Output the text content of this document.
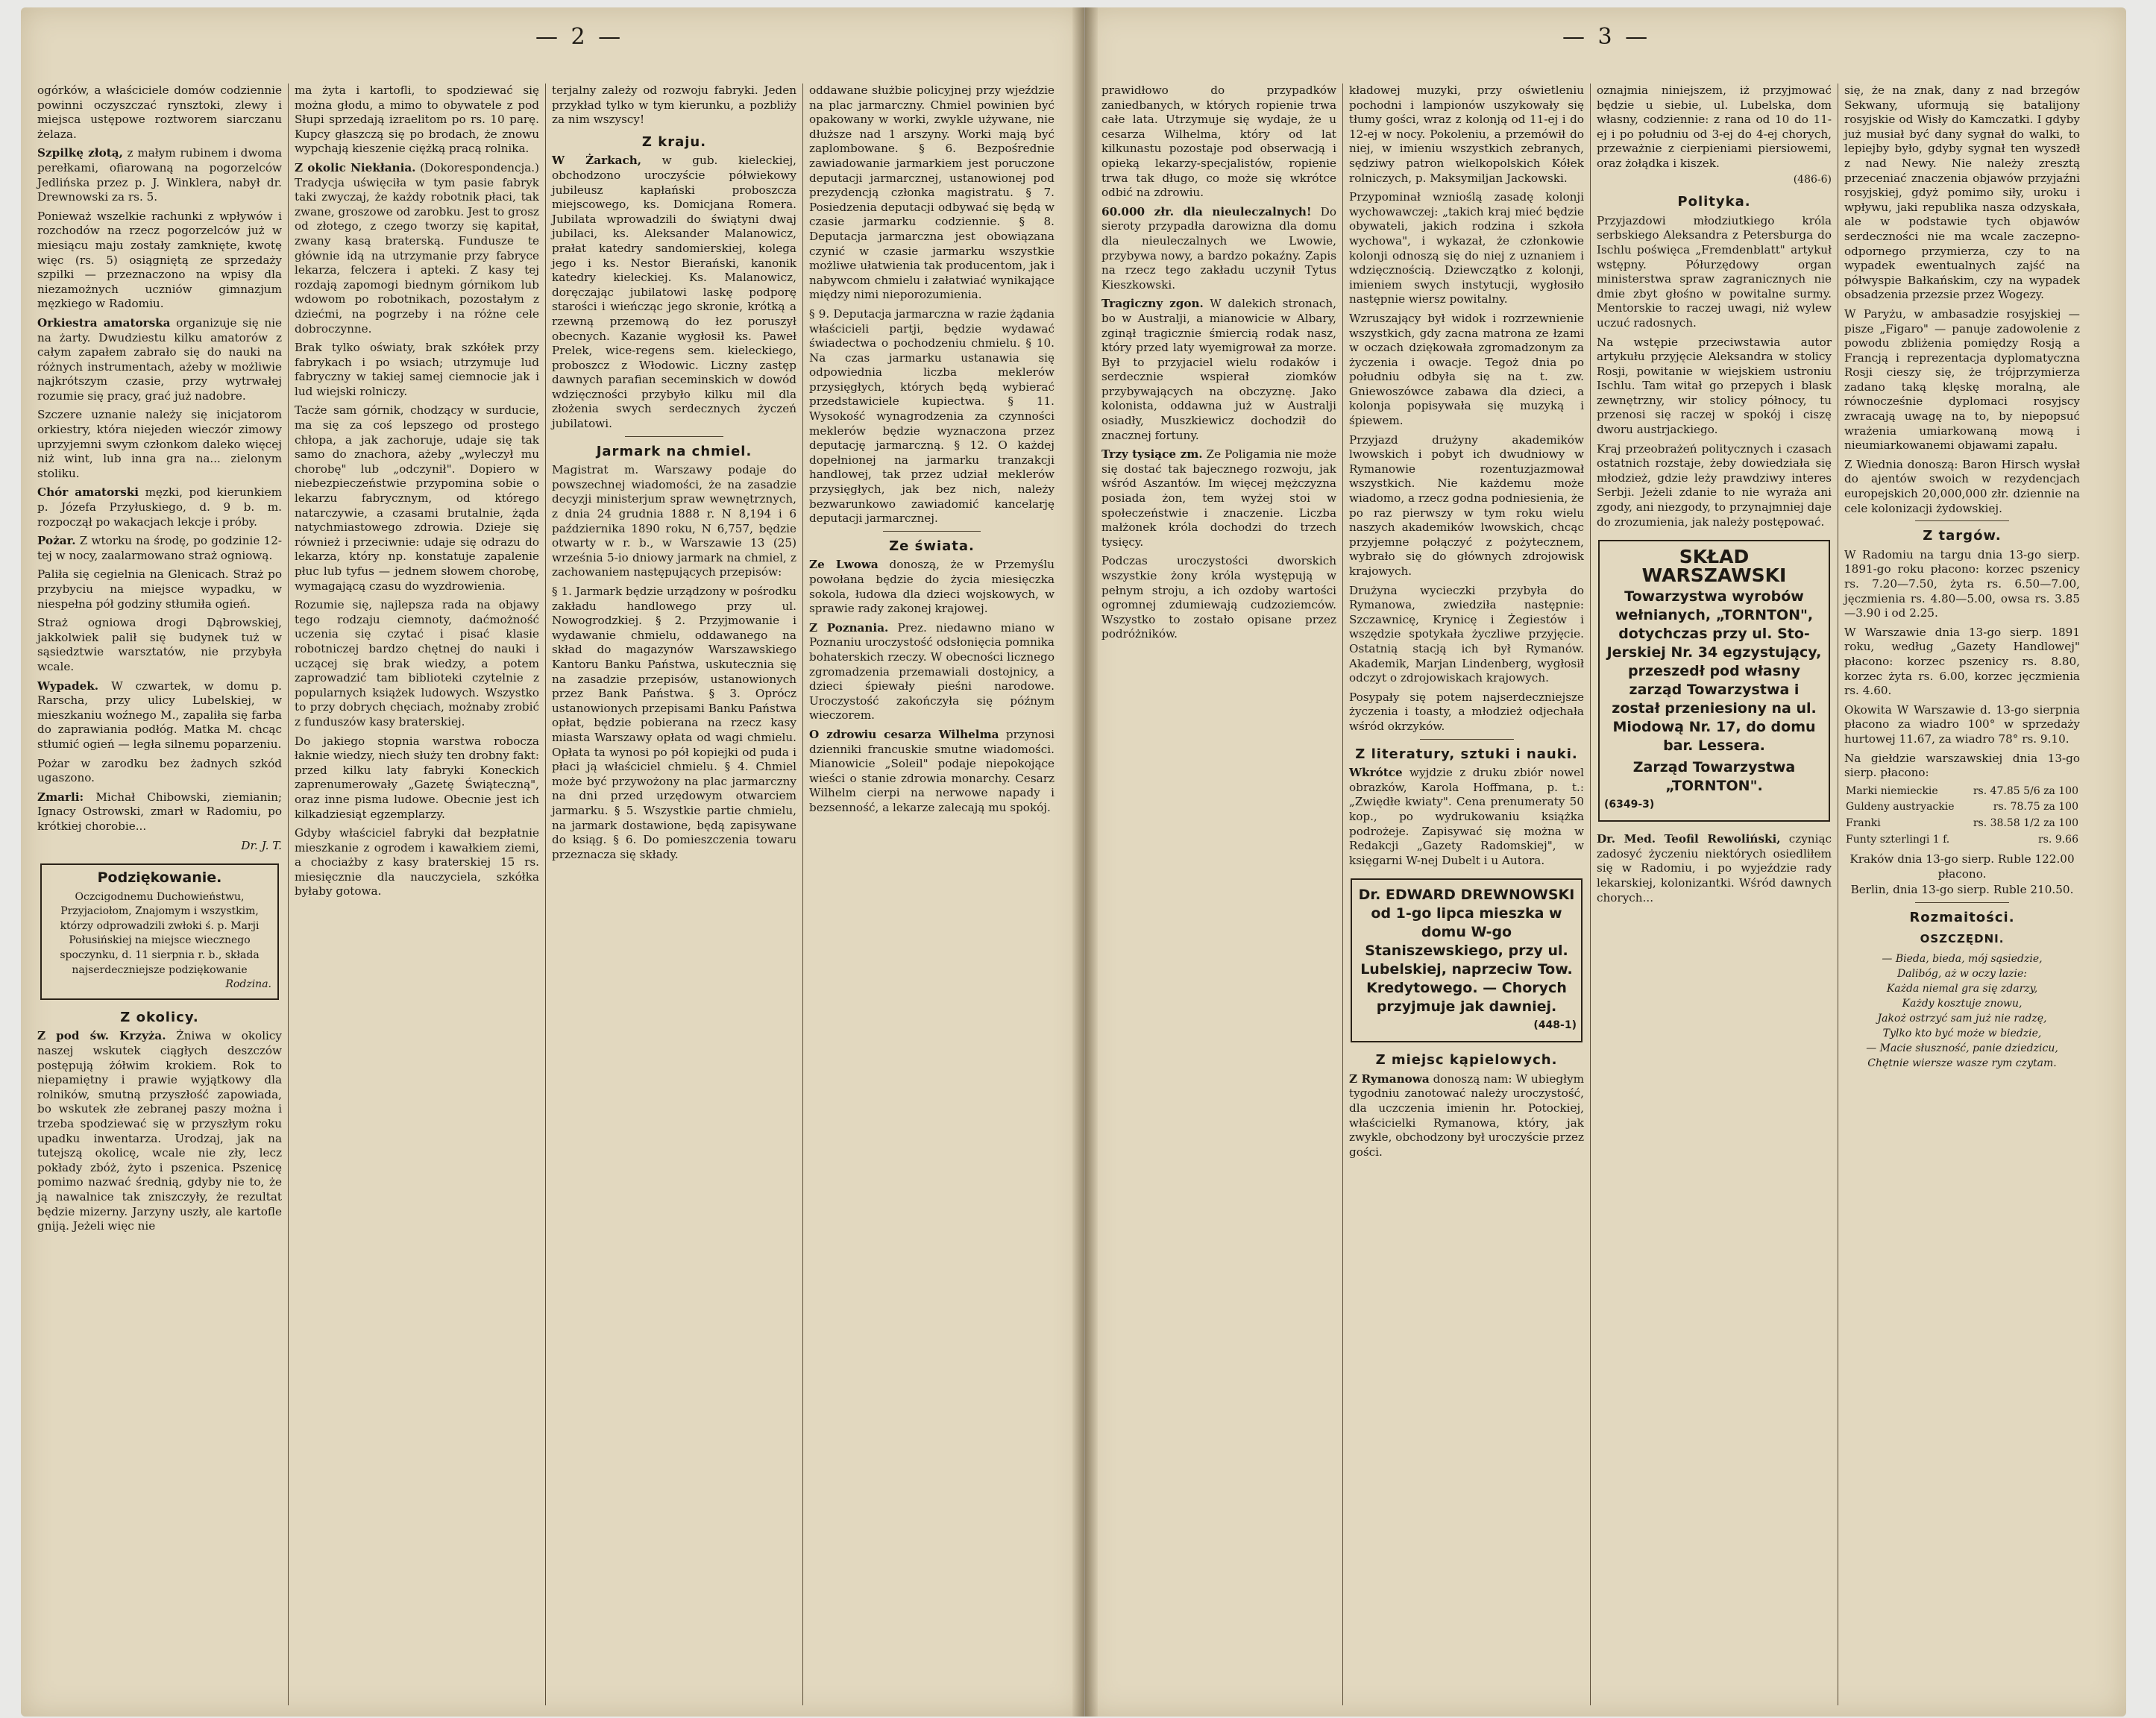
— 2 —

ogórków, a właściciele domów codziennie powinni oczyszczać rynsztoki, zlewy i miejsca ustępowe roztworem siarczanu żelaza.

Szpilkę złotą, z małym rubinem i dwoma perełkami, ofiarowaną na pogorzelców Jedlińska przez p. J. Winklera, nabył dr. Drewnowski za rs. 5.

Ponieważ wszelkie rachunki z wpływów i rozchodów na rzecz pogorzelców już w miesiącu maju zostały zamknięte, kwotę więc (rs. 5) osiągniętą ze sprzedaży szpilki — przeznaczono na wpisy dla niezamożnych uczniów gimnazjum męzkiego w Radomiu.

Orkiestra amatorska organizuje się nie na żarty. Dwudziestu kilku amatorów z całym zapałem zabrało się do nauki na różnych instrumentach, ażeby w możliwie najkrótszym czasie, przy wytrwałej rozumie się pracy, grać już nadobre.

Szczere uznanie należy się inicjatorom orkiestry, która niejeden wieczór zimowy uprzyjemni swym członkom daleko więcej niż wint, lub inna gra na... zielonym stoliku.

Chór amatorski męzki, pod kierunkiem p. Józefa Przyłuskiego, d. 9 b. m. rozpoczął po wakacjach lekcje i próby.

Pożar. Z wtorku na środę, po godzinie 12-tej w nocy, zaalarmowano straż ogniową.

Paliła się cegielnia na Glenicach. Straż po przybyciu na miejsce wypadku, w niespełna pół godziny stłumiła ogień.

Straż ogniowa drogi Dąbrowskiej, jakkolwiek palił się budynek tuż w sąsiedztwie warsztatów, nie przybyła wcale.

Wypadek. W czwartek, w domu p. Rarscha, przy ulicy Lubelskiej, w mieszkaniu woźnego M., zapaliła się farba do zaprawiania podłóg. Matka M. chcąc stłumić ogień — legła silnemu poparzeniu.

Pożar w zarodku bez żadnych szkód ugaszono.

Zmarli: Michał Chibowski, ziemianin; Ignacy Ostrowski, zmarł w Radomiu, po krótkiej chorobie...

Dr. J. T.
Podziękowanie.
Oczcigodnemu Duchowieństwu, Przyjaciołom, Znajomym i wszystkim, którzy odprowadzili zwłoki ś. p. Marji Połusińskiej na miejsce wiecznego spoczynku, d. 11 sierpnia r. b., składa najserdeczniejsze podziękowanie
Rodzina.
Z okolicy.

Z pod św. Krzyża. Żniwa w okolicy naszej wskutek ciągłych deszczów postępują żółwim krokiem. Rok to niepamiętny i prawie wyjątkowy dla rolników, smutną przyszłość zapowiada, bo wskutek złe zebranej paszy można i trzeba spodziewać się w przyszłym roku upadku inwentarza. Urodzaj, jak na tutejszą okolicę, wcale nie zły, lecz pokłady zbóż, żyto i pszenica. Pszenicę pomimo nazwać średnią, gdyby nie to, że ją nawalnice tak zniszczyły, że rezultat będzie mizerny. Jarzyny uszły, ale kartofle gniją. Jeżeli więc nie

ma żyta i kartofli, to spodziewać się można głodu, a mimo to obywatele z pod Słupi sprzedają izraelitom po rs. 10 parę. Kupcy głaszczą się po brodach, że znowu wypchają kieszenie ciężką pracą rolnika.

Z okolic Niekłania. (Dokorespondencja.) Tradycja uświęciła w tym pasie fabryk taki zwyczaj, że każdy robotnik płaci, tak zwane, groszowe od zarobku. Jest to grosz od złotego, z czego tworzy się kapitał, zwany kasą braterską. Fundusze te głównie idą na utrzymanie przy fabryce lekarza, felczera i apteki. Z kasy tej rozdają zapomogi biednym górnikom lub wdowom po robotnikach, pozostałym z dziećmi, na pogrzeby i na różne cele dobroczynne.

Brak tylko oświaty, brak szkółek przy fabrykach i po wsiach; utrzymuje lud fabryczny w takiej samej ciemnocie jak i lud wiejski rolniczy.

Tacże sam górnik, chodzący w surducie, ma się za coś lepszego od prostego chłopa, a jak zachoruje, udaje się tak samo do znachora, ażeby „wyleczył mu chorobę" lub „odczynił". Dopiero w niebezpieczeństwie przypomina sobie o lekarzu fabrycznym, od którego natarczywie, a czasami brutalnie, żąda natychmiastowego zdrowia. Dzieje się również i przeciwnie: udaje się odrazu do lekarza, który np. konstatuje zapalenie płuc lub tyfus — jednem słowem chorobę, wymagającą czasu do wyzdrowienia.

Rozumie się, najlepsza rada na objawy tego rodzaju ciemnoty, daćmożność uczenia się czytać i pisać klasie robotniczej bardzo chętnej do nauki i uczącej się brak wiedzy, a potem zaprowadzić tam biblioteki czytelnie z popularnych książek ludowych. Wszystko to przy dobrych chęciach, możnaby zrobić z funduszów kasy braterskiej.

Do jakiego stopnia warstwa robocza łaknie wiedzy, niech służy ten drobny fakt: przed kilku laty fabryki Koneckich zaprenumerowały „Gazetę Świąteczną", oraz inne pisma ludowe. Obecnie jest ich kilkadziesiąt egzemplarzy.

Gdyby właściciel fabryki dał bezpłatnie mieszkanie z ogrodem i kawałkiem ziemi, a chociażby z kasy braterskiej 15 rs. miesięcznie dla nauczyciela, szkółka byłaby gotowa.

terjalny zależy od rozwoju fabryki. Jeden przykład tylko w tym kierunku, a pozbliży za nim wszyscy!

Z kraju.

W Żarkach, w gub. kieleckiej, obchodzono uroczyście półwiekowy jubileusz kapłański proboszcza miejscowego, ks. Domicjana Romera. Jubilata wprowadzili do świątyni dwaj jubilaci, ks. Aleksander Malanowicz, prałat katedry sandomierskiej, kolega jego i ks. Nestor Bierański, kanonik katedry kieleckiej. Ks. Malanowicz, doręczając jubilatowi laskę podporę starości i wieńcząc jego skronie, krótką a rzewną przemową do łez poruszył obecnych. Kazanie wygłosił ks. Paweł Prelek, wice-regens sem. kieleckiego, proboszcz z Włodowic. Liczny zastęp dawnych parafian seceminskich w dowód wdzięczności przybyło kilku mil dla złożenia swych serdecznych życzeń jubilatowi.

Jarmark na chmiel.

Magistrat m. Warszawy podaje do powszechnej wiadomości, że na zasadzie decyzji ministerjum spraw wewnętrznych, z dnia 24 grudnia 1888 r. N 8,194 i 6 października 1890 roku, N 6,757, będzie otwarty w r. b., w Warszawie 13 (25) września 5-io dniowy jarmark na chmiel, z zachowaniem następujących przepisów:

§ 1. Jarmark będzie urządzony w pośrodku zakładu handlowego przy ul. Nowogrodzkiej. § 2. Przyjmowanie i wydawanie chmielu, oddawanego na skład do magazynów Warszawskiego Kantoru Banku Państwa, uskutecznia się na zasadzie przepisów, ustanowionych przez Bank Państwa. § 3. Oprócz ustanowionych przepisami Banku Państwa opłat, będzie pobierana na rzecz kasy miasta Warszawy opłata od wagi chmielu. Opłata ta wynosi po pół kopiejki od puda i płaci ją właściciel chmielu. § 4. Chmiel może być przywożony na plac jarmarczny na dni przed urzędowym otwarciem jarmarku. § 5. Wszystkie partie chmielu, na jarmark dostawione, będą zapisywane do ksiąg. § 6. Do pomieszczenia towaru przeznacza się składy.

oddawane służbie policyjnej przy wjeździe na plac jarmarczny. Chmiel powinien być opakowany w worki, zwykle używane, nie dłuższe nad 1 arszyny. Worki mają być zaplombowane. § 6. Bezpośrednie zawiadowanie jarmarkiem jest poruczone deputacji jarmarcznej, ustanowionej pod prezydencją członka magistratu. § 7. Posiedzenia deputacji odbywać się będą w czasie jarmarku codziennie. § 8. Deputacja jarmarczna jest obowiązana czynić w czasie jarmarku wszystkie możliwe ułatwienia tak producentom, jak i nabywcom chmielu i załatwiać wynikające między nimi nieporozumienia.

§ 9. Deputacja jarmarczna w razie żądania właścicieli partji, będzie wydawać świadectwa o pochodzeniu chmielu. § 10. Na czas jarmarku ustanawia się odpowiednia liczba meklerów przysięgłych, których będą wybierać przedstawiciele kupiectwa. § 11. Wysokość wynagrodzenia za czynności meklerów będzie wyznaczona przez deputację jarmarczną. § 12. O każdej dopełnionej na jarmarku tranzakcji handlowej, tak przez udział meklerów przysięgłych, jak bez nich, należy bezwarunkowo zawiadomić kancelarję deputacji jarmarcznej.

Ze świata.

Ze Lwowa donoszą, że w Przemyślu powołana będzie do życia miesięczka sokola, łudowa dla dzieci wojskowych, w sprawie rady zakonej krajowej.

Z Poznania. Prez. niedawno miano w Poznaniu uroczystość odsłonięcia pomnika bohaterskich rzeczy. W obecności licznego zgromadzenia przemawiali dostojnicy, a dzieci śpiewały pieśni narodowe. Uroczystość zakończyła się późnym wieczorem.

O zdrowiu cesarza Wilhelma przynosi dzienniki francuskie smutne wiadomości. Mianowicie „Soleil" podaje niepokojące wieści o stanie zdrowia monarchy. Cesarz Wilhelm cierpi na nerwowe napady i bezsenność, a lekarze zalecają mu spokój.

— 3 —

prawidłowo do przypadków zaniedbanych, w których ropienie trwa całe lata. Utrzymuje się wydaje, że u cesarza Wilhelma, który od lat kilkunastu pozostaje pod obserwacją i opieką lekarzy-specjalistów, ropienie trwa tak długo, co może się wkrótce odbić na zdrowiu.

60.000 złr. dla nieuleczalnych! Do sieroty przypadła darowizna dla domu dla nieuleczalnych we Lwowie, przybywa nowy, a bardzo pokaźny. Zapis na rzecz tego zakładu uczynił Tytus Kieszkowski.

Tragiczny zgon. W dalekich stronach, bo w Australji, a mianowicie w Albary, zginął tragicznie śmiercią rodak nasz, który przed laty wyemigrował za morze. Był to przyjaciel wielu rodaków i serdecznie wspierał ziomków przybywających na obczyznę. Jako kolonista, oddawna już w Australji osiadły, Muszkiewicz dochodził do znacznej fortuny.

Trzy tysiące zm. Ze Poligamia nie może się dostać tak bajecznego rozwoju, jak wśród Aszantów. Im więcej mężczyzna posiada żon, tem wyżej stoi w społeczeństwie i znaczenie. Liczba małżonek króla dochodzi do trzech tysięcy.

Podczas uroczystości dworskich wszystkie żony króla występują w pełnym stroju, a ich ozdoby wartości ogromnej zdumiewają cudzoziemców. Wszystko to zostało opisane przez podróżników.

kładowej muzyki, przy oświetleniu pochodni i lampionów uszykowały się tłumy gości, wraz z kolonją od 11-ej i do 12-ej w nocy. Pokoleniu, a przemówił do niej, w imieniu wszystkich zebranych, sędziwy patron wielkopolskich Kółek rolniczych, p. Maksymiljan Jackowski.

Przypominał wznioślą zasadę kolonji wychowawczej: „takich kraj mieć będzie obywateli, jakich rodzina i szkoła wychowa", i wykazał, że członkowie kolonji odnoszą się do niej z uznaniem i wdzięcznością. Dziewczątko z kolonji, imieniem swych instytucji, wygłosiło następnie wiersz powitalny.

Wzruszający był widok i rozrzewnienie wszystkich, gdy zacna matrona ze łzami w oczach dziękowała zgromadzonym za życzenia i owacje. Tegoż dnia po południu odbyła się na t. zw. Gniewoszówce zabawa dla dzieci, a kolonja popisywała się muzyką i śpiewem.

Przyjazd drużyny akademików lwowskich i pobyt ich dwudniowy w Rymanowie rozentuzjazmował wszystkich. Nie każdemu może wiadomo, a rzecz godna podniesienia, że po raz pierwszy w tym roku wielu naszych akademików lwowskich, chcąc przyjemne połączyć z pożytecznem, wybrało się do głównych zdrojowisk krajowych.

Drużyna wycieczki przybyła do Rymanowa, zwiedziła następnie: Szczawnicę, Krynicę i Żegiestów i wszędzie spotykała życzliwe przyjęcie. Ostatnią stacją ich był Rymanów. Akademik, Marjan Lindenberg, wygłosił odczyt o zdrojowiskach krajowych.

Posypały się potem najserdeczniejsze życzenia i toasty, a młodzież odjechała wśród okrzyków.

Z literatury, sztuki i nauki.

Wkrótce wyjdzie z druku zbiór nowel obrazków, Karola Hoffmana, p. t.: „Zwiędłe kwiaty". Cena prenumeraty 50 kop., po wydrukowaniu książka podrożeje. Zapisywać się można w Redakcji „Gazety Radomskiej", w księgarni W-nej Dubelt i u Autora.

Dr. EDWARD DREWNOWSKI
od 1-go lipca mieszka w domu W-go Staniszewskiego, przy ul. Lubelskiej, naprzeciw Tow. Kredytowego. — Chorych przyjmuje jak dawniej.
(448-1)
Z miejsc kąpielowych.

Z Rymanowa donoszą nam: W ubiegłym tygodniu zanotować należy uroczystość, dla uczczenia imienin hr. Potockiej, właścicielki Rymanowa, który, jak zwykle, obchodzony był uroczyście przez gości.

oznajmia niniejszem, iż przyjmować będzie u siebie, ul. Lubelska, dom własny, codziennie: z rana od 10 do 11-ej i po południu od 3-ej do 4-ej chorych, przeważnie z cierpieniami piersiowemi, oraz żołądka i kiszek.

(486-6)
Polityka.

Przyjazdowi młodziutkiego króla serbskiego Aleksandra z Petersburga do Ischlu poświęca „Fremdenblatt" artykuł wstępny. Półurzędowy organ ministerstwa spraw zagranicznych nie dmie zbyt głośno w powitalne surmy. Mentorskie to raczej uwagi, niż wylew uczuć radosnych.

Na wstępie przeciwstawia autor artykułu przyjęcie Aleksandra w stolicy Rosji, powitanie w wiejskiem ustroniu Ischlu. Tam witał go przepych i blask zewnętrzny, wir stolicy północy, tu przenosi się raczej w spokój i ciszę dworu austrjackiego.

Kraj przeobrażeń politycznych i czasach ostatnich rozstaje, żeby dowiedziała się młodzież, gdzie leży prawdziwy interes Serbji. Jeżeli zdanie to nie wyraża ani zgody, ani niezgody, to przynajmniej daje do zrozumienia, jak należy postępować.

SKŁAD WARSZAWSKI
Towarzystwa wyrobów wełnianych, „TORNTON", dotychczas przy ul. Sto-Jerskiej Nr. 34 egzystujący, przeszedł pod własny zarząd Towarzystwa i został przeniesiony na ul. Miodową Nr. 17, do domu bar. Lessera.
Zarząd Towarzystwa „TORNTON".
(6349-3)

Dr. Med. Teofil Rewoliński, czyniąc zadosyć życzeniu niektórych osiedliłem się w Radomiu, i po wyjeździe rady lekarskiej, kolonizantki. Wśród dawnych chorych...

się, że na znak, dany z nad brzegów Sekwany, uformują się batalijony rosyjskie od Wisły do Kamczatki. I gdyby już musiał być dany sygnał do walki, to lepiejby było, gdyby sygnał ten wyszedł z nad Newy. Nie należy zresztą przeceniać znaczenia objawów przyjaźni rosyjskiej, gdyż pomimo siły, uroku i wpływu, jaki republika nasza odzyskała, ale w podstawie tych objawów serdeczności nie ma wcale zaczepno-odpornego przymierza, czy to na wypadek ewentualnych zajść na półwyspie Bałkańskim, czy na wypadek obsadzenia przezsie przez Wogezy.

W Paryżu, w ambasadzie rosyjskiej — pisze „Figaro" — panuje zadowolenie z powodu zbliżenia pomiędzy Rosją a Francją i reprezentacja dyplomatyczna Rosji cieszy się, że trójprzymierza zadano taką klęskę moralną, ale równocześnie dyplomaci rosyjscy zwracają uwagę na to, by niepopsuć wrażenia umiarkowaną mową i nieumiarkowanemi objawami zapału.

Z Wiednia donoszą: Baron Hirsch wysłał do ajentów swoich w rezydencjach europejskich 20,000,000 złr. dziennie na cele kolonizacji żydowskiej.

Z targów.

W Radomiu na targu dnia 13-go sierp. 1891-go roku płacono: korzec pszenicy rs. 7.20—7.50, żyta rs. 6.50—7.00, jęczmienia rs. 4.80—5.00, owsa rs. 3.85—3.90 i od 2.25.

W Warszawie dnia 13-go sierp. 1891 roku, według „Gazety Handlowej" płacono: korzec pszenicy rs. 8.80, korzec żyta rs. 6.00, korzec jęczmienia rs. 4.60.

Okowita W Warszawie d. 13-go sierpnia płacono za wiadro 100° w sprzedaży hurtowej 11.67, za wiadro 78° rs. 9.10.

Na giełdzie warszawskiej dnia 13-go sierp. płacono:

Marki niemieckie	rs. 47.85 5/6 za 100
Guldeny austryackie	rs. 78.75 za 100
Franki	rs. 38.58 1/2 za 100
Funty szterlingi 1 f.	rs. 9.66

Kraków dnia 13-go sierp. Ruble 122.00 płacono.

Berlin, dnia 13-go sierp. Ruble 210.50.

Rozmaitości.
OSZCZĘDNI.
— Bieda, bieda, mój sąsiedzie,
Dalibóg, aż w oczy lazie:
Każda niemal gra się zdarzy,
Każdy kosztuje znowu,
Jakoż ostrzyć sam już nie radzę,
Tylko kto być może w biedzie,
— Macie słuszność, panie dziedzicu,
Chętnie wiersze wasze rym czytam.
